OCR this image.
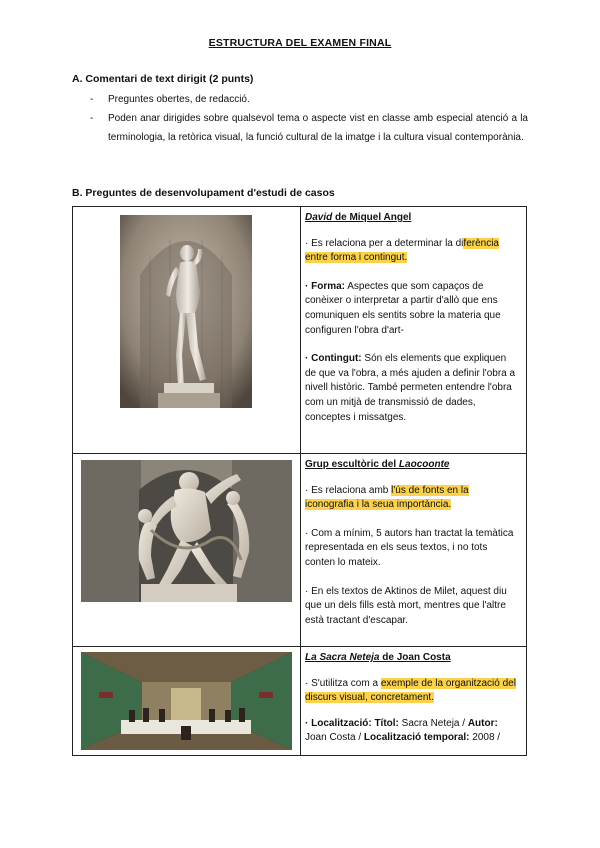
ESTRUCTURA DEL EXAMEN FINAL
A. Comentari de text dirigit (2 punts)
-	Preguntes obertes, de redacció.
-	Poden anar dirigides sobre qualsevol tema o aspecte vist en classe amb especial atenció a la terminologia, la retòrica visual, la funció cultural de la imatge i la cultura visual contemporània.
B. Preguntes de desenvolupament d'estudi de casos
David de Miquel Angel
· Es relaciona per a determinar la diferència entre forma i contingut.
· Forma: Aspectes que som capaços de conèixer o interpretar a partir d'allò que ens comuniquen els sentits sobre la materia que configuren l'obra d'art-
· Contingut: Són els elements que expliquen de que va l'obra, a més ajuden a definir l'obra a nivell històric. També permeten entendre l'obra com un mitjà de transmissió de dades, conceptes i missatges.
Grup escultòric del Laocoonte
· Es relaciona amb l'ús de fonts en la iconografia i la seua importància.
· Com a mínim, 5 autors han tractat la temàtica representada en els seus textos, i no tots conten lo mateix.
· En els textos de Aktinos de Milet, aquest diu que un dels fills està mort, mentres que l'altre està tractant d'escapar.
La Sacra Neteja de Joan Costa
· S'utilitza com a exemple de la organització del discurs visual, concretament.
· Localització: Títol: Sacra Neteja / Autor: Joan Costa / Localització temporal: 2008 /
